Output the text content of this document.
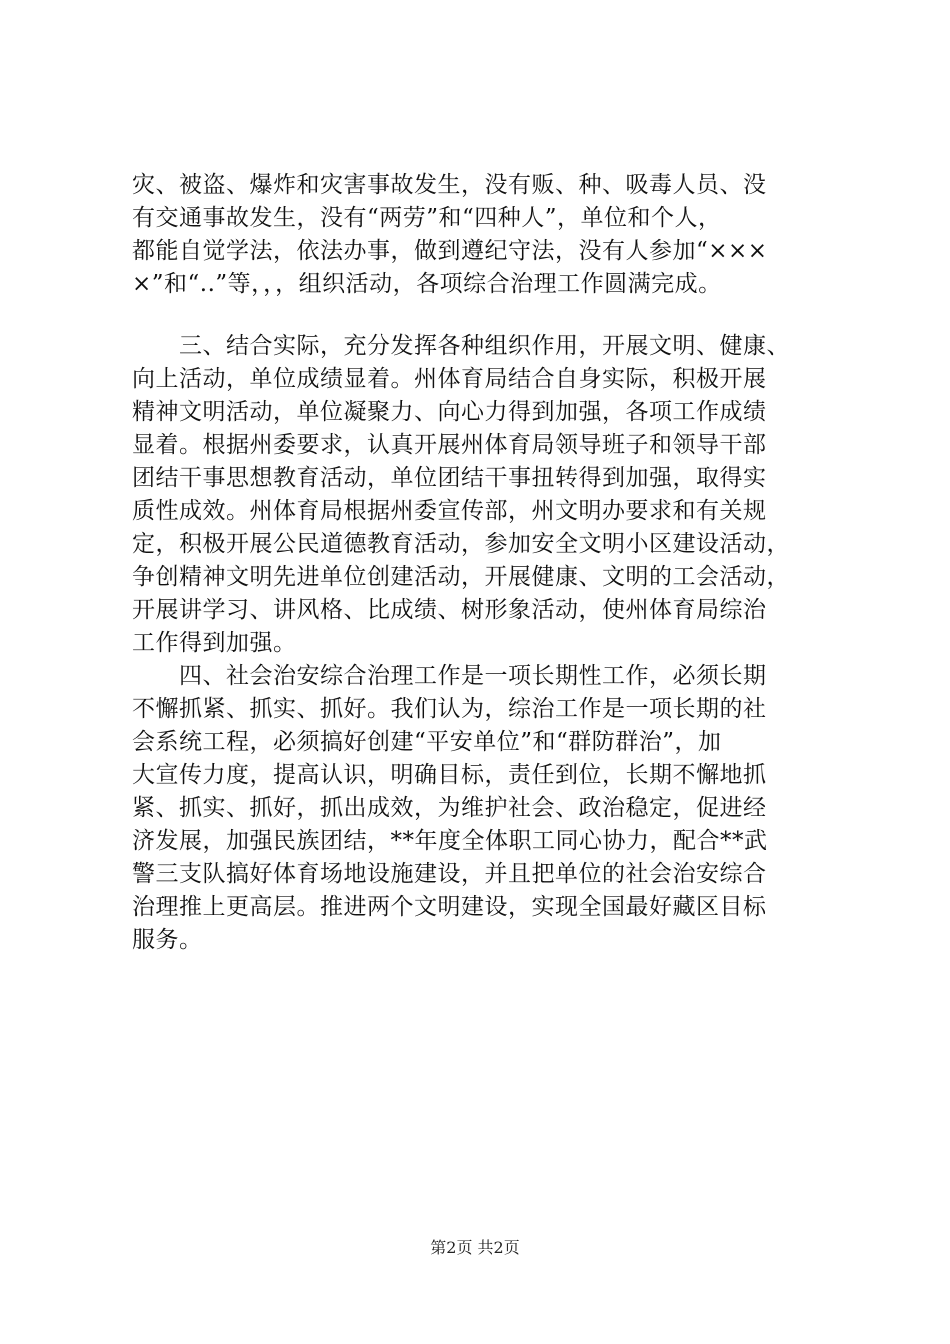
灾、被盗、爆炸和灾害事故发生，没有贩、种、吸毒人员、没
有交通事故发生，没有“两劳”和“四种人”，单位和个人，
都能自觉学法，依法办事，做到遵纪守法，没有人参加“×××
×”和“..”等，，，组织活动，各项综合治理工作圆满完成。
　　三、结合实际，充分发挥各种组织作用，开展文明、健康、
向上活动，单位成绩显着。州体育局结合自身实际，积极开展
精神文明活动，单位凝聚力、向心力得到加强，各项工作成绩
显着。根据州委要求，认真开展州体育局领导班子和领导干部
团结干事思想教育活动，单位团结干事扭转得到加强，取得实
质性成效。州体育局根据州委宣传部，州文明办要求和有关规
定，积极开展公民道德教育活动，参加安全文明小区建设活动，
争创精神文明先进单位创建活动，开展健康、文明的工会活动，
开展讲学习、讲风格、比成绩、树形象活动，使州体育局综治
工作得到加强。
　　四、社会治安综合治理工作是一项长期性工作，必须长期
不懈抓紧、抓实、抓好。我们认为，综治工作是一项长期的社
会系统工程，必须搞好创建“平安单位”和“群防群治”，加
大宣传力度，提高认识，明确目标，责任到位，长期不懈地抓
紧、抓实、抓好，抓出成效，为维护社会、政治稳定，促进经
济发展，加强民族团结，**年度全体职工同心协力，配合**武
警三支队搞好体育场地设施建设，并且把单位的社会治安综合
治理推上更高层。推进两个文明建设，实现全国最好藏区目标
服务。
第2页 共2页
